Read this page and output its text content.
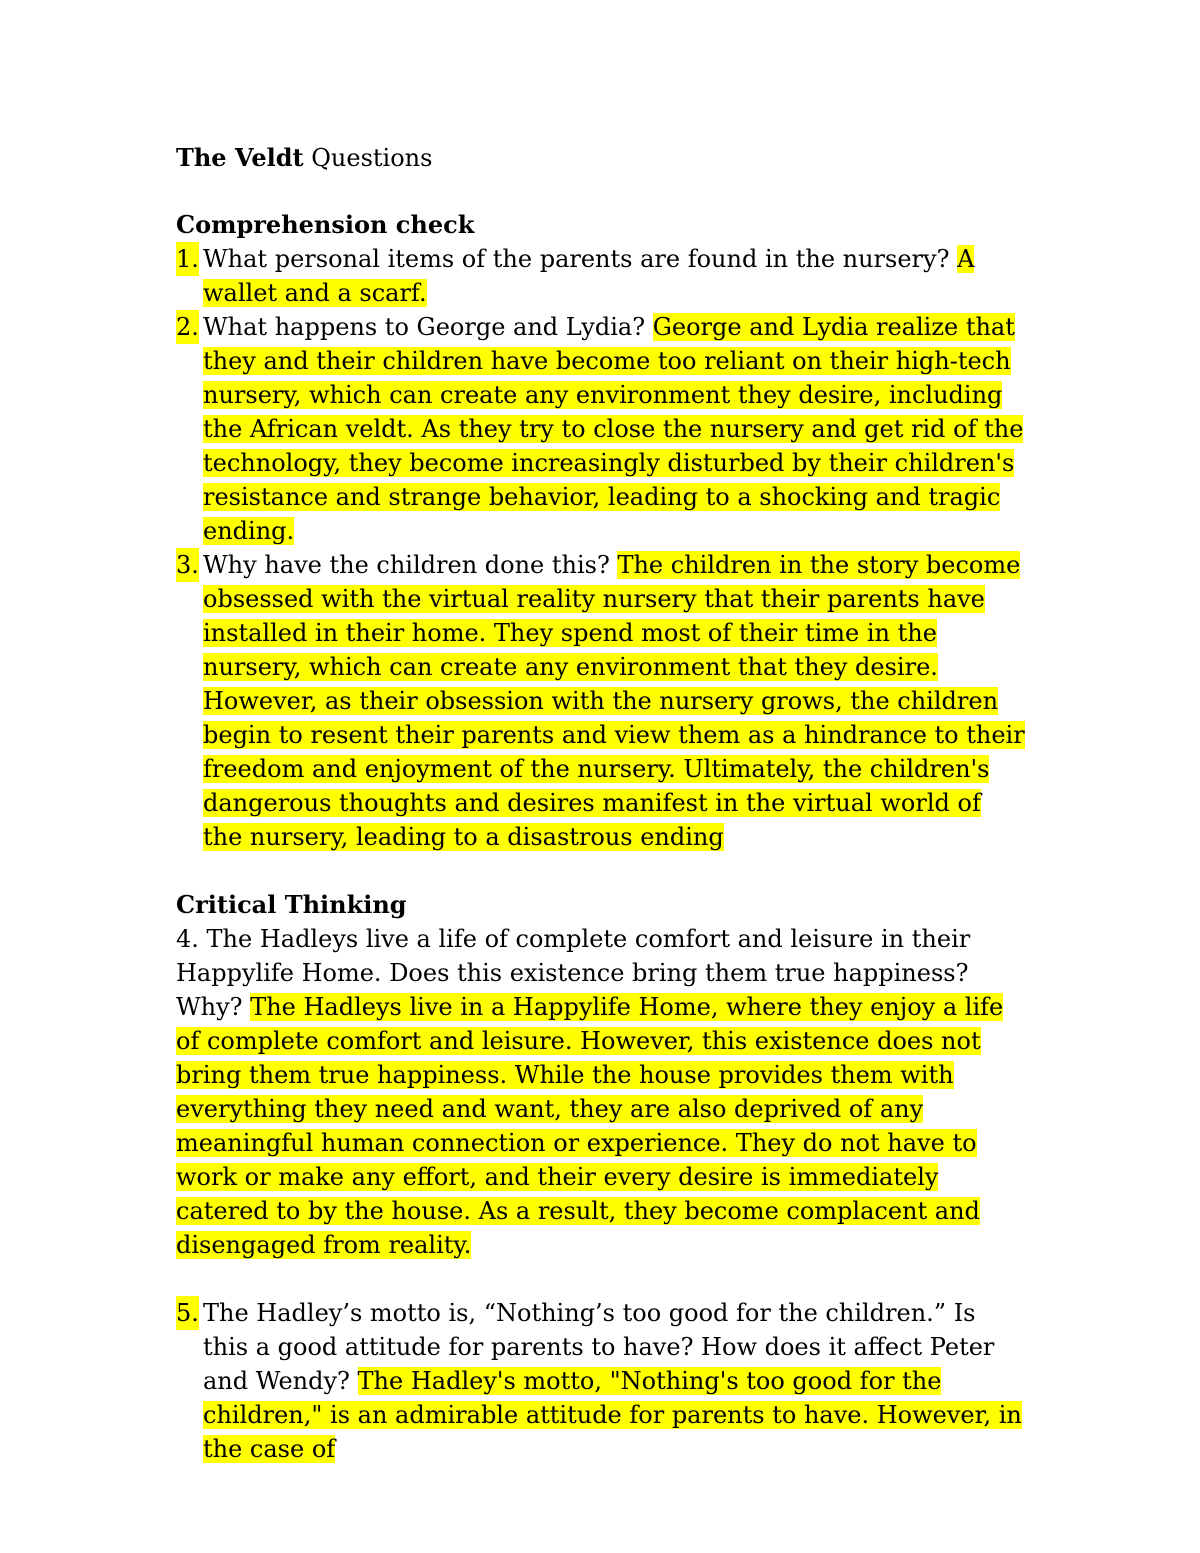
The Veldt Questions

Comprehension check

1. What personal items of the parents are found in the nursery? A wallet and a scarf.
2. What happens to George and Lydia? George and Lydia realize that they and their children have become too reliant on their high-tech nursery, which can create any environment they desire, including the African veldt. As they try to close the nursery and get rid of the technology, they become increasingly disturbed by their children's resistance and strange behavior, leading to a shocking and tragic ending.
3. Why have the children done this? The children in the story become obsessed with the virtual reality nursery that their parents have installed in their home. They spend most of their time in the nursery, which can create any environment that they desire. However, as their obsession with the nursery grows, the children begin to resent their parents and view them as a hindrance to their freedom and enjoyment of the nursery. Ultimately, the children's dangerous thoughts and desires manifest in the virtual world of the nursery, leading to a disastrous ending

Critical Thinking

4. The Hadleys live a life of complete comfort and leisure in their Happylife Home. Does this existence bring them true happiness? Why? The Hadleys live in a Happylife Home, where they enjoy a life of complete comfort and leisure. However, this existence does not bring them true happiness. While the house provides them with everything they need and want, they are also deprived of any meaningful human connection or experience. They do not have to work or make any effort, and their every desire is immediately catered to by the house. As a result, they become complacent and disengaged from reality.

5. The Hadley’s motto is, “Nothing’s too good for the children.” Is this a good attitude for parents to have? How does it affect Peter and Wendy? The Hadley's motto, "Nothing's too good for the children," is an admirable attitude for parents to have. However, in the case of
